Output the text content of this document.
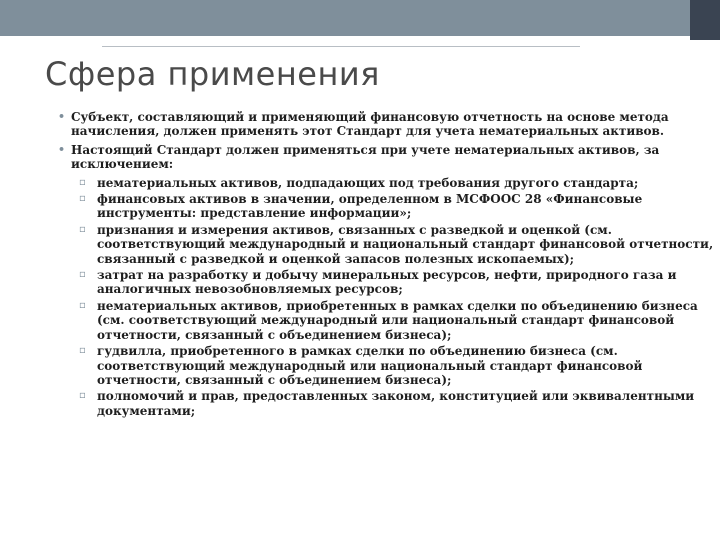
Сфера применения
• Субъект, составляющий и применяющий финансовую отчетность на основе метода начисления, должен применять этот Стандарт для учета нематериальных активов.
• Настоящий Стандарт должен применяться при учете нематериальных активов, за исключением:
▫ нематериальных активов, подпадающих под требования другого стандарта;
▫ финансовых активов в значении, определенном в МСФООС 28 «Финансовые инструменты: представление информации»;
▫ признания и измерения активов, связанных с разведкой и оценкой (см. соответствующий международный и национальный стандарт финансовой отчетности, связанный с разведкой и оценкой запасов полезных ископаемых);
▫ затрат на разработку и добычу минеральных ресурсов, нефти, природного газа и аналогичных невозобновляемых ресурсов;
▫ нематериальных активов, приобретенных в рамках сделки по объединению бизнеса (см. соответствующий международный или национальный стандарт финансовой отчетности, связанный с объединением бизнеса);
▫ гудвилла, приобретенного в рамках сделки по объединению бизнеса (см. соответствующий международный или национальный стандарт финансовой отчетности, связанный с объединением бизнеса);
▫ полномочий и прав, предоставленных законом, конституцией или эквивалентными документами;
